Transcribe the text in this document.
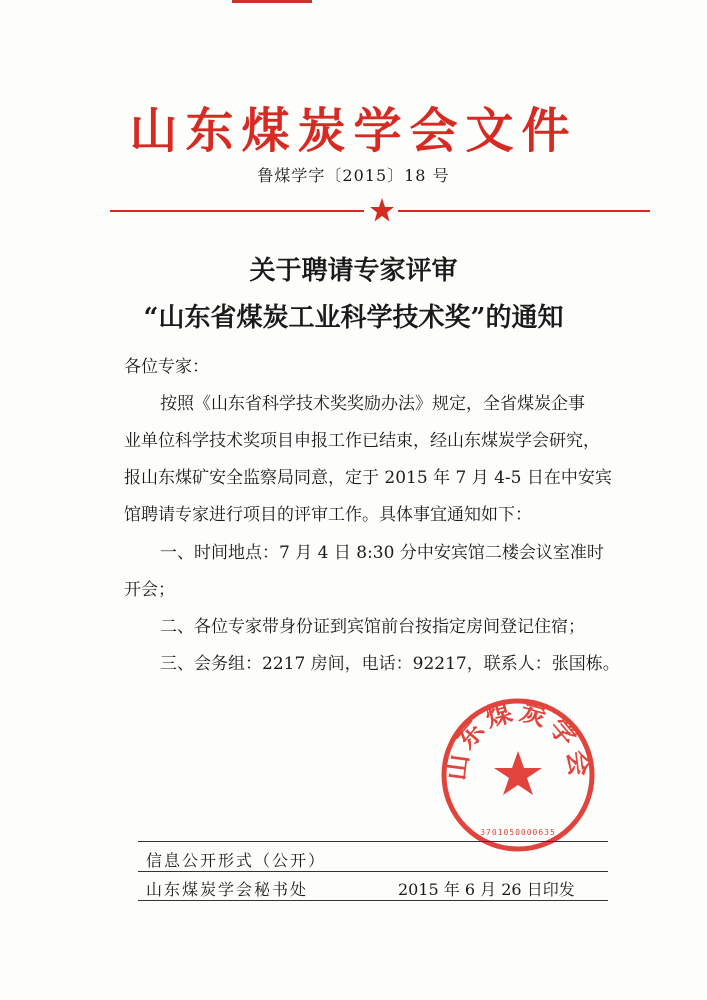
山东煤炭学会文件
鲁煤学字〔2015〕18 号
关于聘请专家评审
“山东省煤炭工业科学技术奖”的通知
各位专家：
按照《山东省科学技术奖奖励办法》规定，全省煤炭企事
业单位科学技术奖项目申报工作已结束，经山东煤炭学会研究，
报山东煤矿安全监察局同意，定于 2015 年 7 月 4-5 日在中安宾
馆聘请专家进行项目的评审工作。具体事宜通知如下：
一、时间地点：7 月 4 日 8:30 分中安宾馆二楼会议室准时
开会；
二、各位专家带身份证到宾馆前台按指定房间登记住宿；
三、会务组：2217 房间，电话：92217，联系人：张国栋。
山东煤炭学会
3701050000635
信息公开形式（公开）
山东煤炭学会秘书处	2015 年 6 月 26 日印发
